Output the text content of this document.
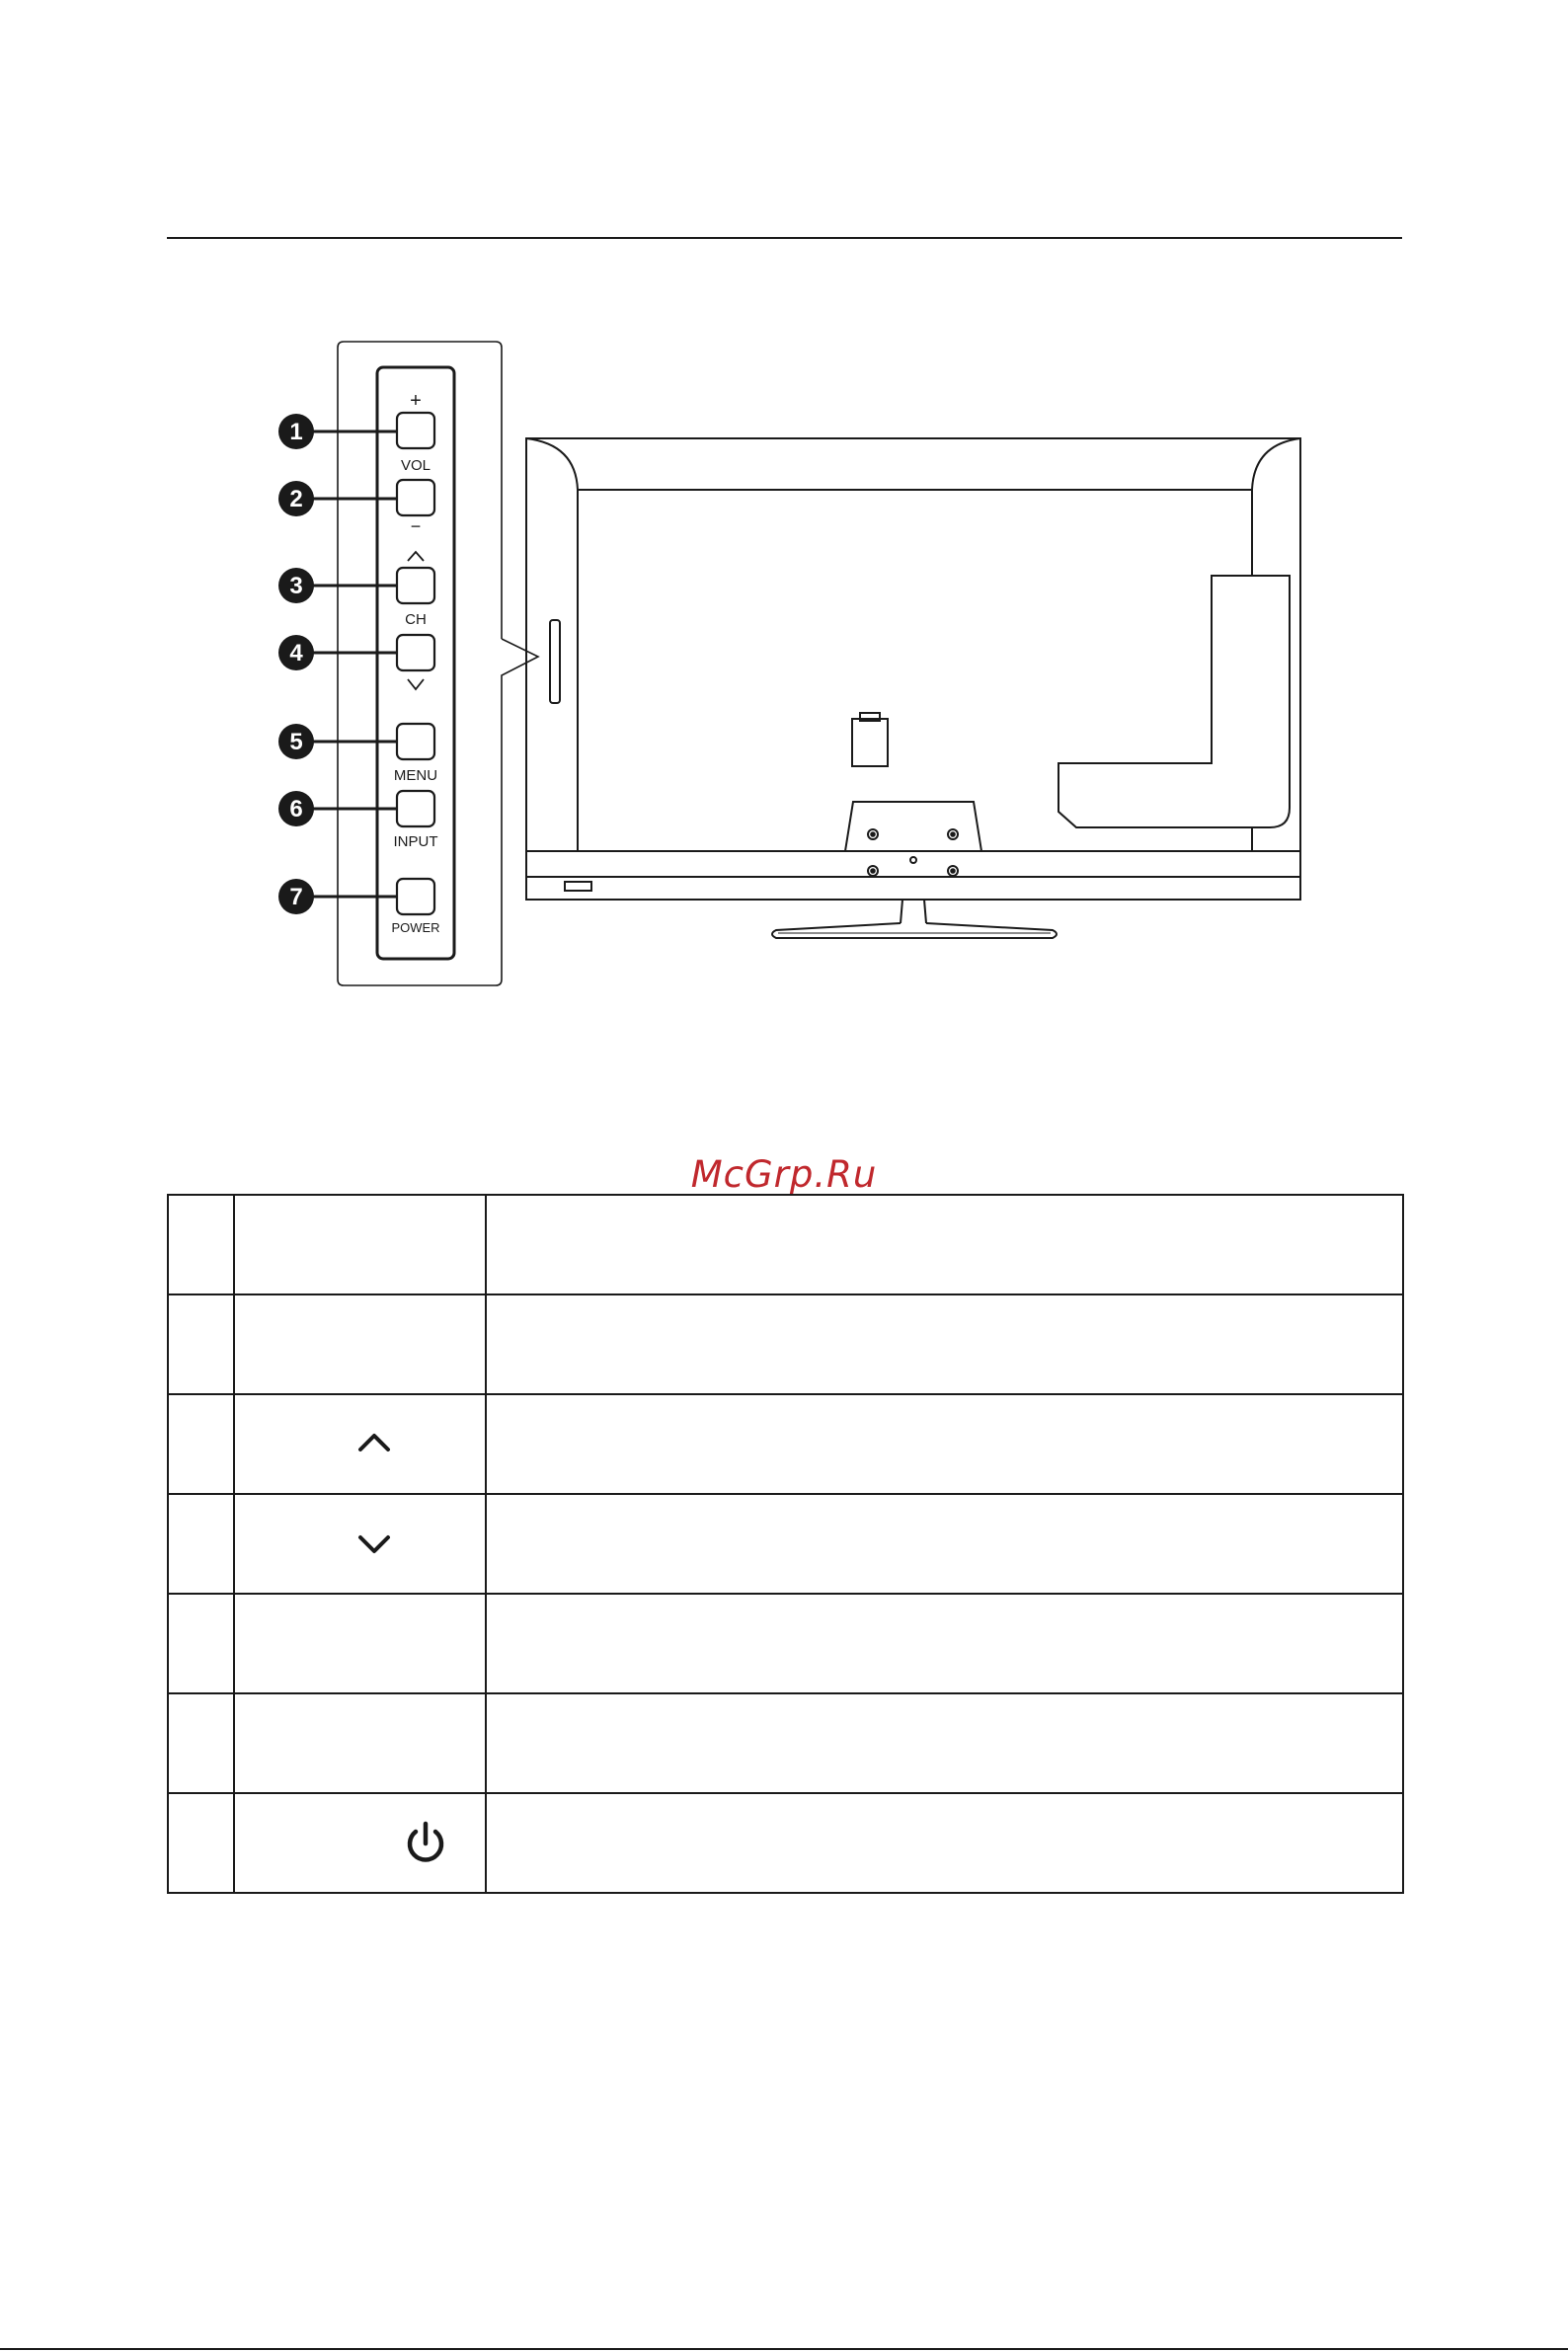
1
2
3
4
5
6
7
+
VOL
−
CH
MENU
INPUT
POWER
McGrp.Ru
